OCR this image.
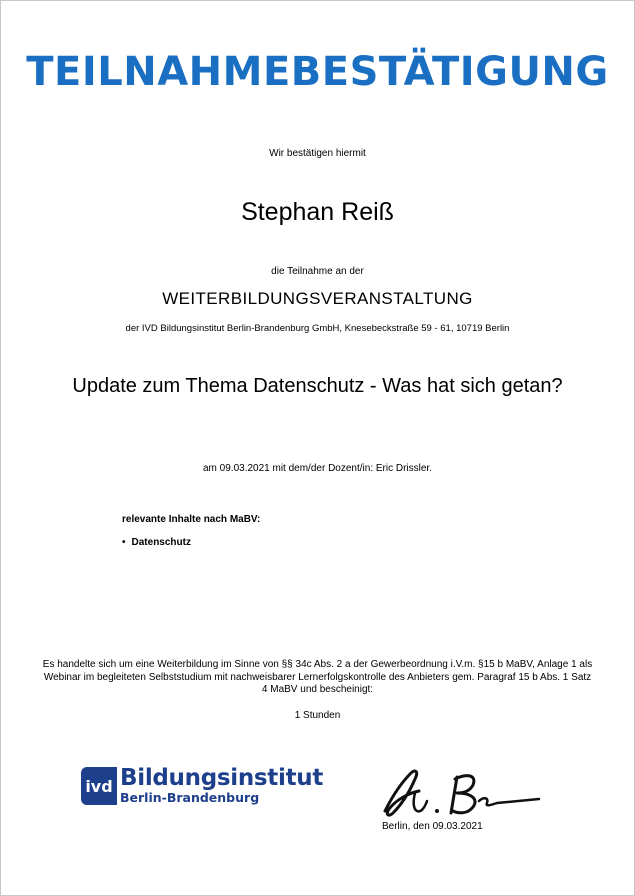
TEILNAHMEBESTÄTIGUNG
Wir bestätigen hiermit
Stephan Reiß
die Teilnahme an der
WEITERBILDUNGSVERANSTALTUNG
der IVD Bildungsinstitut Berlin-Brandenburg GmbH, Knesebeckstraße 59 - 61, 10719 Berlin
Update zum Thema Datenschutz - Was hat sich getan?
am 09.03.2021 mit dem/der Dozent/in: Eric Drissler.
relevante Inhalte nach MaBV:
• Datenschutz
Es handelte sich um eine Weiterbildung im Sinne von §§ 34c Abs. 2 a der Gewerbeordnung i.V.m. §15 b MaBV, Anlage 1 als Webinar im begleiteten Selbststudium mit nachweisbarer Lernerfolgskontrolle des Anbieters gem. Paragraf 15 b Abs. 1 Satz 4 MaBV und bescheinigt:
1 Stunden
ivd Bildungsinstitut
Berlin-Brandenburg
Berlin, den 09.03.2021
